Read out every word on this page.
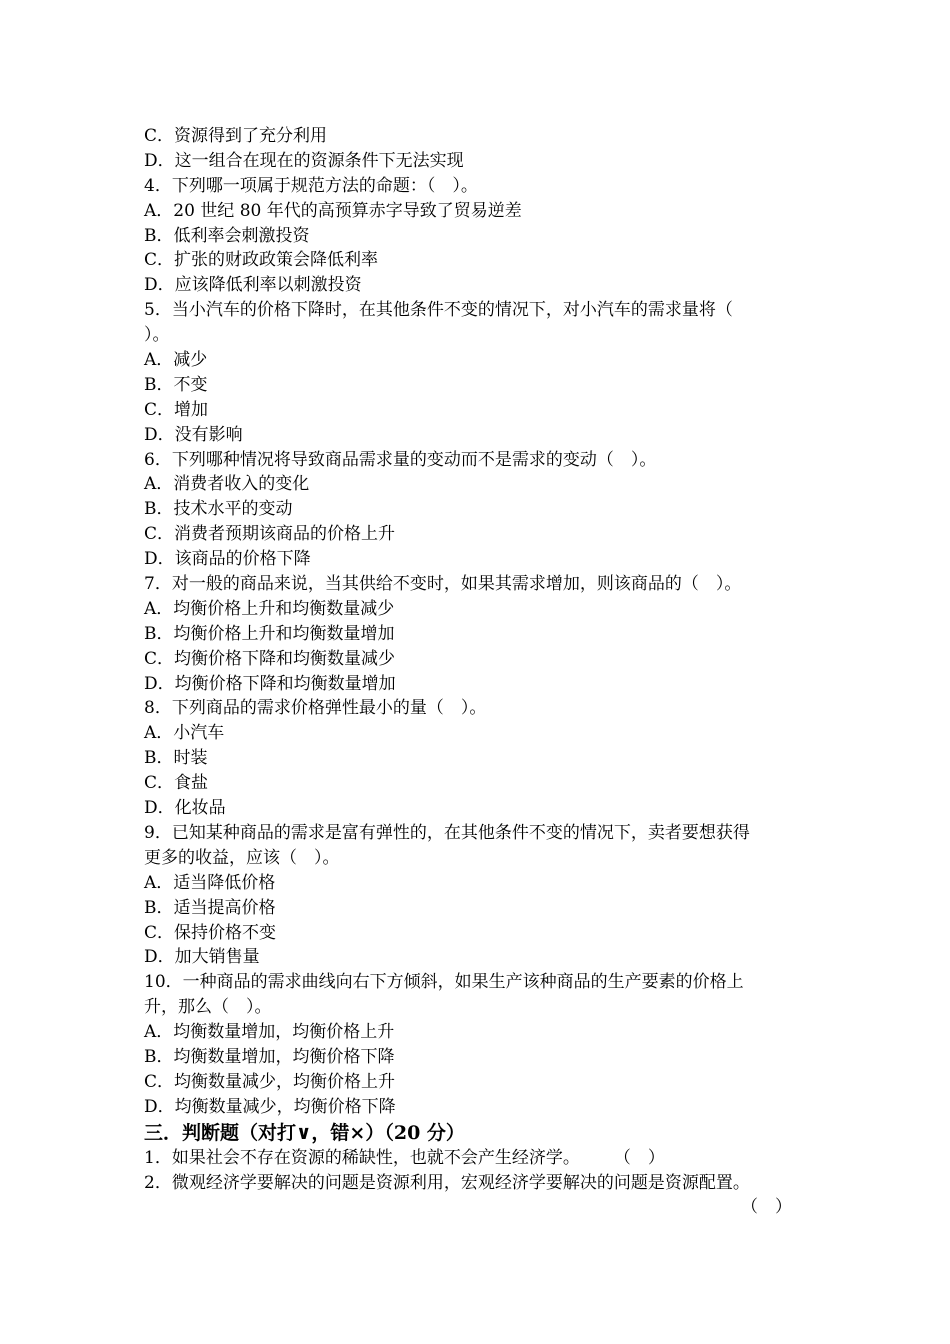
C．资源得到了充分利用
D．这一组合在现在的资源条件下无法实现
4．下列哪一项属于规范方法的命题：（　）。
A．20 世纪 80 年代的高预算赤字导致了贸易逆差
B．低利率会刺激投资
C．扩张的财政政策会降低利率
D．应该降低利率以刺激投资
5．当小汽车的价格下降时，在其他条件不变的情况下，对小汽车的需求量将（
）。
A．减少
B．不变
C．增加
D．没有影响
6．下列哪种情况将导致商品需求量的变动而不是需求的变动（　）。
A．消费者收入的变化
B．技术水平的变动
C．消费者预期该商品的价格上升
D．该商品的价格下降
7．对一般的商品来说，当其供给不变时，如果其需求增加，则该商品的（　）。
A．均衡价格上升和均衡数量减少
B．均衡价格上升和均衡数量增加
C．均衡价格下降和均衡数量减少
D．均衡价格下降和均衡数量增加
8．下列商品的需求价格弹性最小的量（　）。
A．小汽车
B．时装
C．食盐
D．化妆品
9．已知某种商品的需求是富有弹性的，在其他条件不变的情况下，卖者要想获得
更多的收益，应该（　）。
A．适当降低价格
B．适当提高价格
C．保持价格不变
D．加大销售量
10．一种商品的需求曲线向右下方倾斜，如果生产该种商品的生产要素的价格上
升，那么（　）。
A．均衡数量增加，均衡价格上升
B．均衡数量增加，均衡价格下降
C．均衡数量减少，均衡价格上升
D．均衡数量减少，均衡价格下降
三．判断题（对打∨，错×）（20 分）
1．如果社会不存在资源的稀缺性，也就不会产生经济学。　　　（　）
2．微观经济学要解决的问题是资源利用，宏观经济学要解决的问题是资源配置。
（　）
